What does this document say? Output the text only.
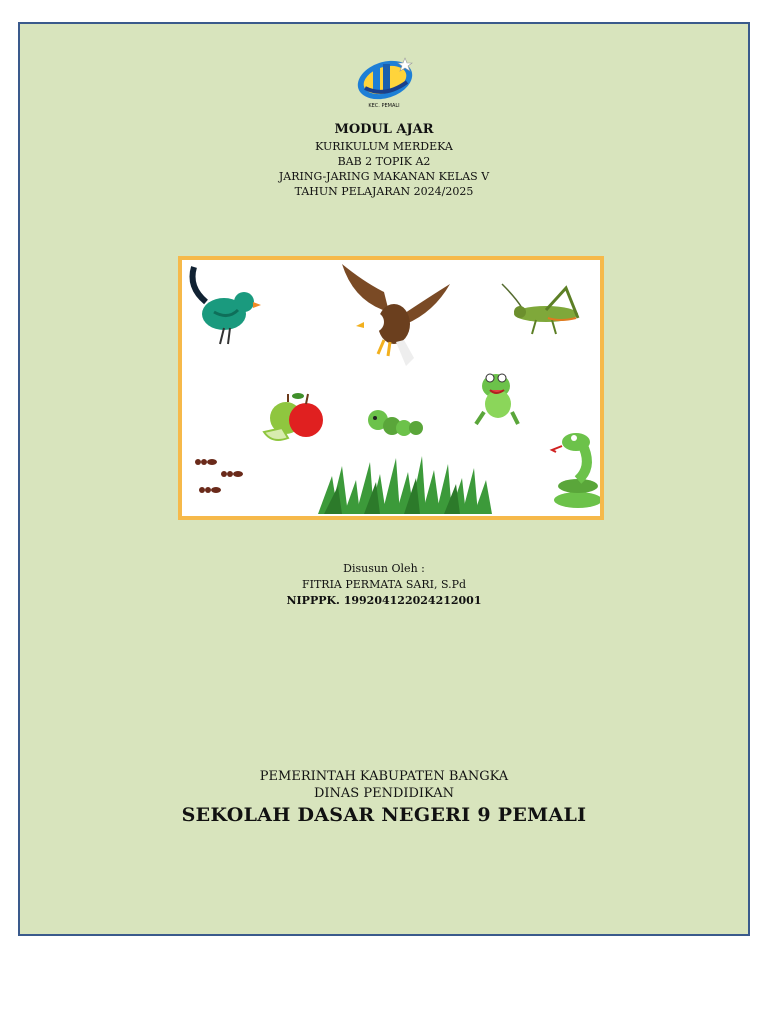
KEC. PEMALI
MODUL AJAR
KURIKULUM MERDEKA
BAB 2 TOPIK A2
JARING-JARING MAKANAN KELAS V
TAHUN PELAJARAN 2024/2025
Disusun Oleh :
FITRIA PERMATA SARI, S.Pd
NIPPPK. 199204122024212001
PEMERINTAH KABUPATEN BANGKA
DINAS PENDIDIKAN
SEKOLAH DASAR NEGERI 9 PEMALI
